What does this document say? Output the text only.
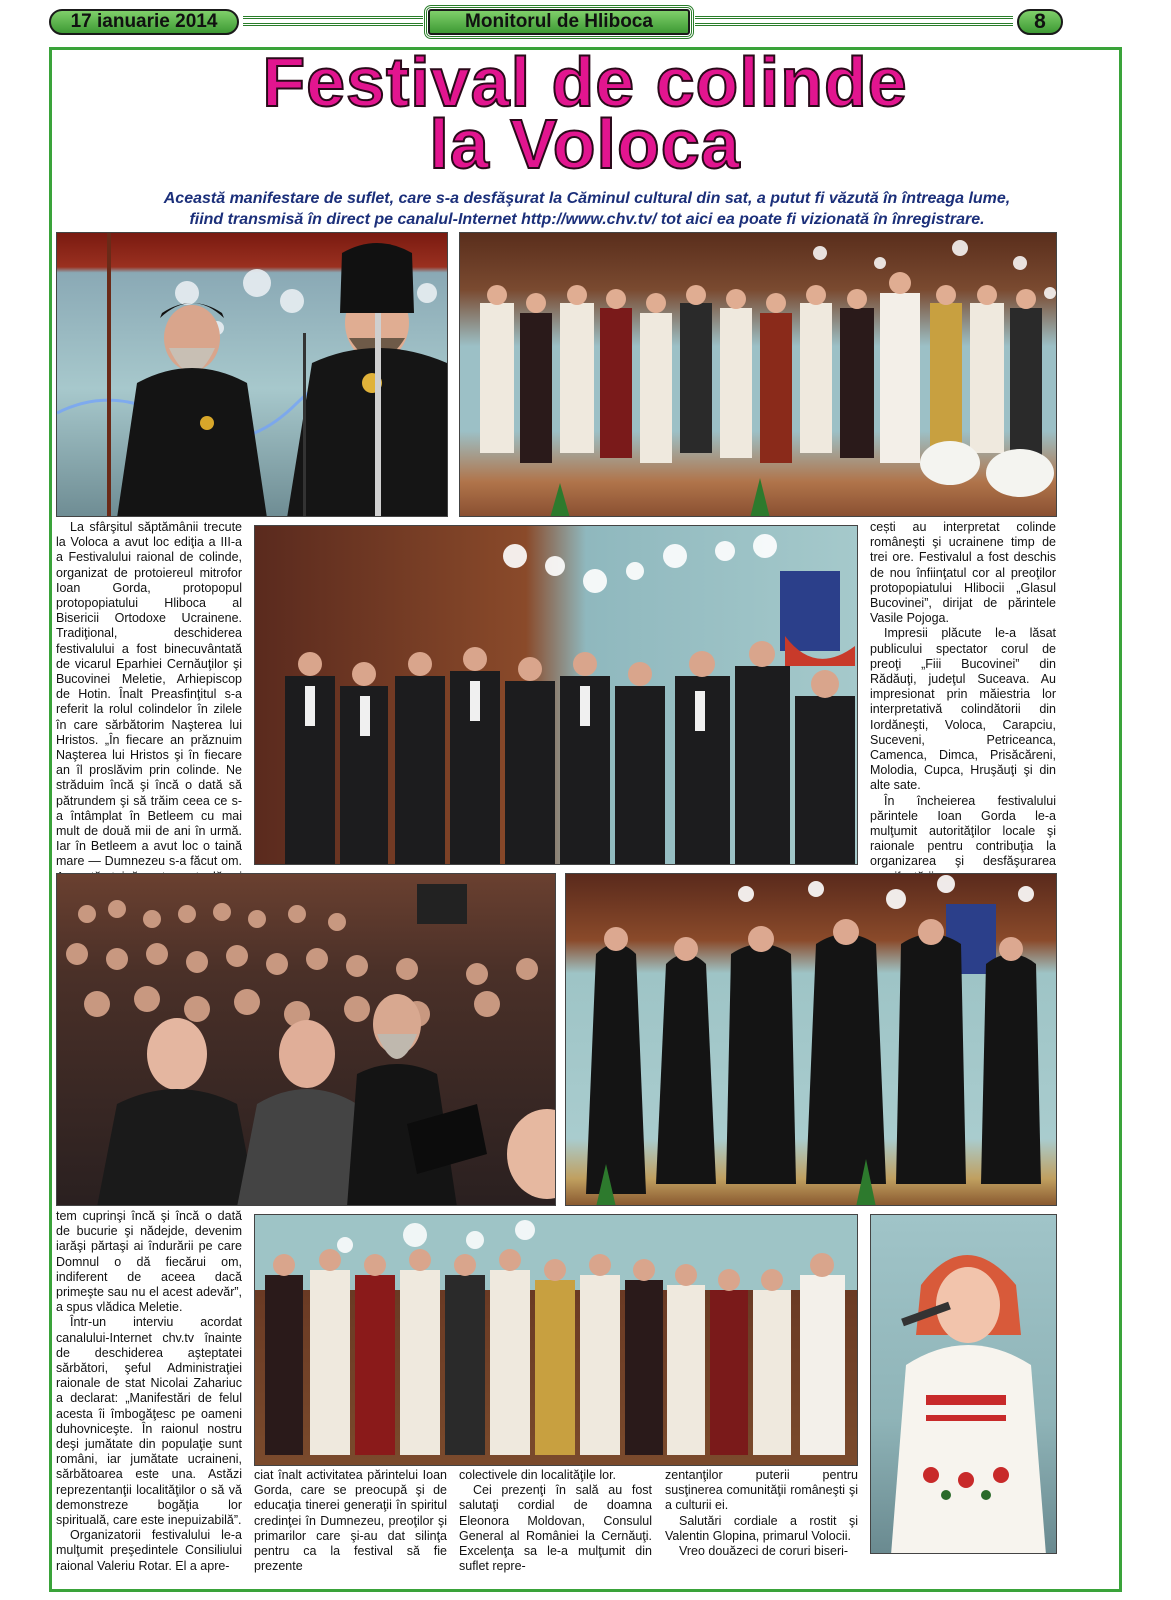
17 ianuarie 2014	Monitorul de Hliboca	8
Festival de colinde
la Voloca
Această manifestare de suflet, care s-a desfăşurat la Căminul cultural din sat, a putut fi văzută în întreaga lume,
fiind transmisă în direct pe canalul-Internet http://www.chv.tv/ tot aici ea poate fi vizionată în înregistrare.

La sfârşitul săptămânii trecute la Voloca a avut loc ediţia a III-a a Festivalului raional de colinde, organizat de protoiereul mitrofor Ioan Gorda, protopopul protopopiatului Hliboca al Bisericii Ortodoxe Ucrainene. Tradiţional, deschiderea festivalului a fost binecuvântată de vicarul Eparhiei Cernăuţilor şi Bucovinei Meletie, Arhiepiscop de Hotin. Înalt Preasfinţitul s-a referit la rolul colindelor în zilele în care sărbătorim Naşterea lui Hristos. „În fiecare an prăznuim Naşterea lui Hristos şi în fiecare an îl proslăvim prin colinde. Ne străduim încă şi încă o dată să pătrundem şi să trăim ceea ce s-a întâmplat în Betleem cu mai mult de două mii de ani în urmă. Iar în Betleem a avut loc o taină mare — Dumnezeu s-a făcut om.

cești au interpretat colinde româneşti şi ucrainene timp de trei ore. Festivalul a fost deschis de nou înfiinţatul cor al preoţilor protopopiatului Hlibocii „Glasul Bucovinei”, dirijat de părintele Vasile Pojoga.

Impresii plăcute le-a lăsat publicului spectator corul de preoţi „Fiii Bucovinei” din Rădăuţi, judeţul Suceava. Au impresionat prin măiestria lor interpretativă colindătorii din Iordăneşti, Voloca, Carapciu, Suceveni, Petriceanca, Camenca, Dimca, Prisăcăreni, Molodia, Cupca, Hruşăuţi şi din alte sate.

În încheierea festivalului părintele Ioan Gorda le-a mulţumit autorităţilor locale şi raionale pentru contribuţia la organizarea şi desfăşurarea

tem cuprinşi încă şi încă o dată de bucurie şi nădejde, devenim iarăşi părtaşi ai îndurării pe care Domnul o dă fiecărui om, indiferent de aceea dacă primeşte sau nu el acest adevăr”, a spus vlădica Meletie.

Într-un interviu acordat canalului-Internet chv.tv înainte de deschiderea aşteptatei sărbători, şeful Administraţiei raionale de stat Nicolai Zahariuc a declarat: „Manifestări de felul acesta îi îmbogăţesc pe oameni duhovniceşte. În raionul nostru deşi jumătate din populaţie sunt români, iar jumătate ucraineni, sărbătoarea este una. Astăzi reprezentanţii localităţilor o să vă demonstreze bogăţia lor spirituală, care este inepuizabilă”.

Organizatorii festivalului le-a mulţumit preşedintele Consiliului raional Valeriu Rotar. El a apre-

ciat înalt activitatea părintelui Ioan Gorda, care se preocupă şi de educaţia tinerei generaţii în spiritul credinţei în Dumnezeu, preoţilor şi primarilor care şi-au dat silinţa pentru ca la festival să fie prezente

colectivele din localităţile lor.

Cei prezenţi în sală au fost salutaţi cordial de doamna Eleonora Moldovan, Consulul General al României la Cernăuţi. Excelenţa sa le-a mulţumit din suflet repre-

zentanţilor puterii pentru susţinerea comunităţii româneşti şi a culturii ei.

Salutări cordiale a rostit şi Valentin Glopina, primarul Volocii.

Vreo douăzeci de coruri biseri-
